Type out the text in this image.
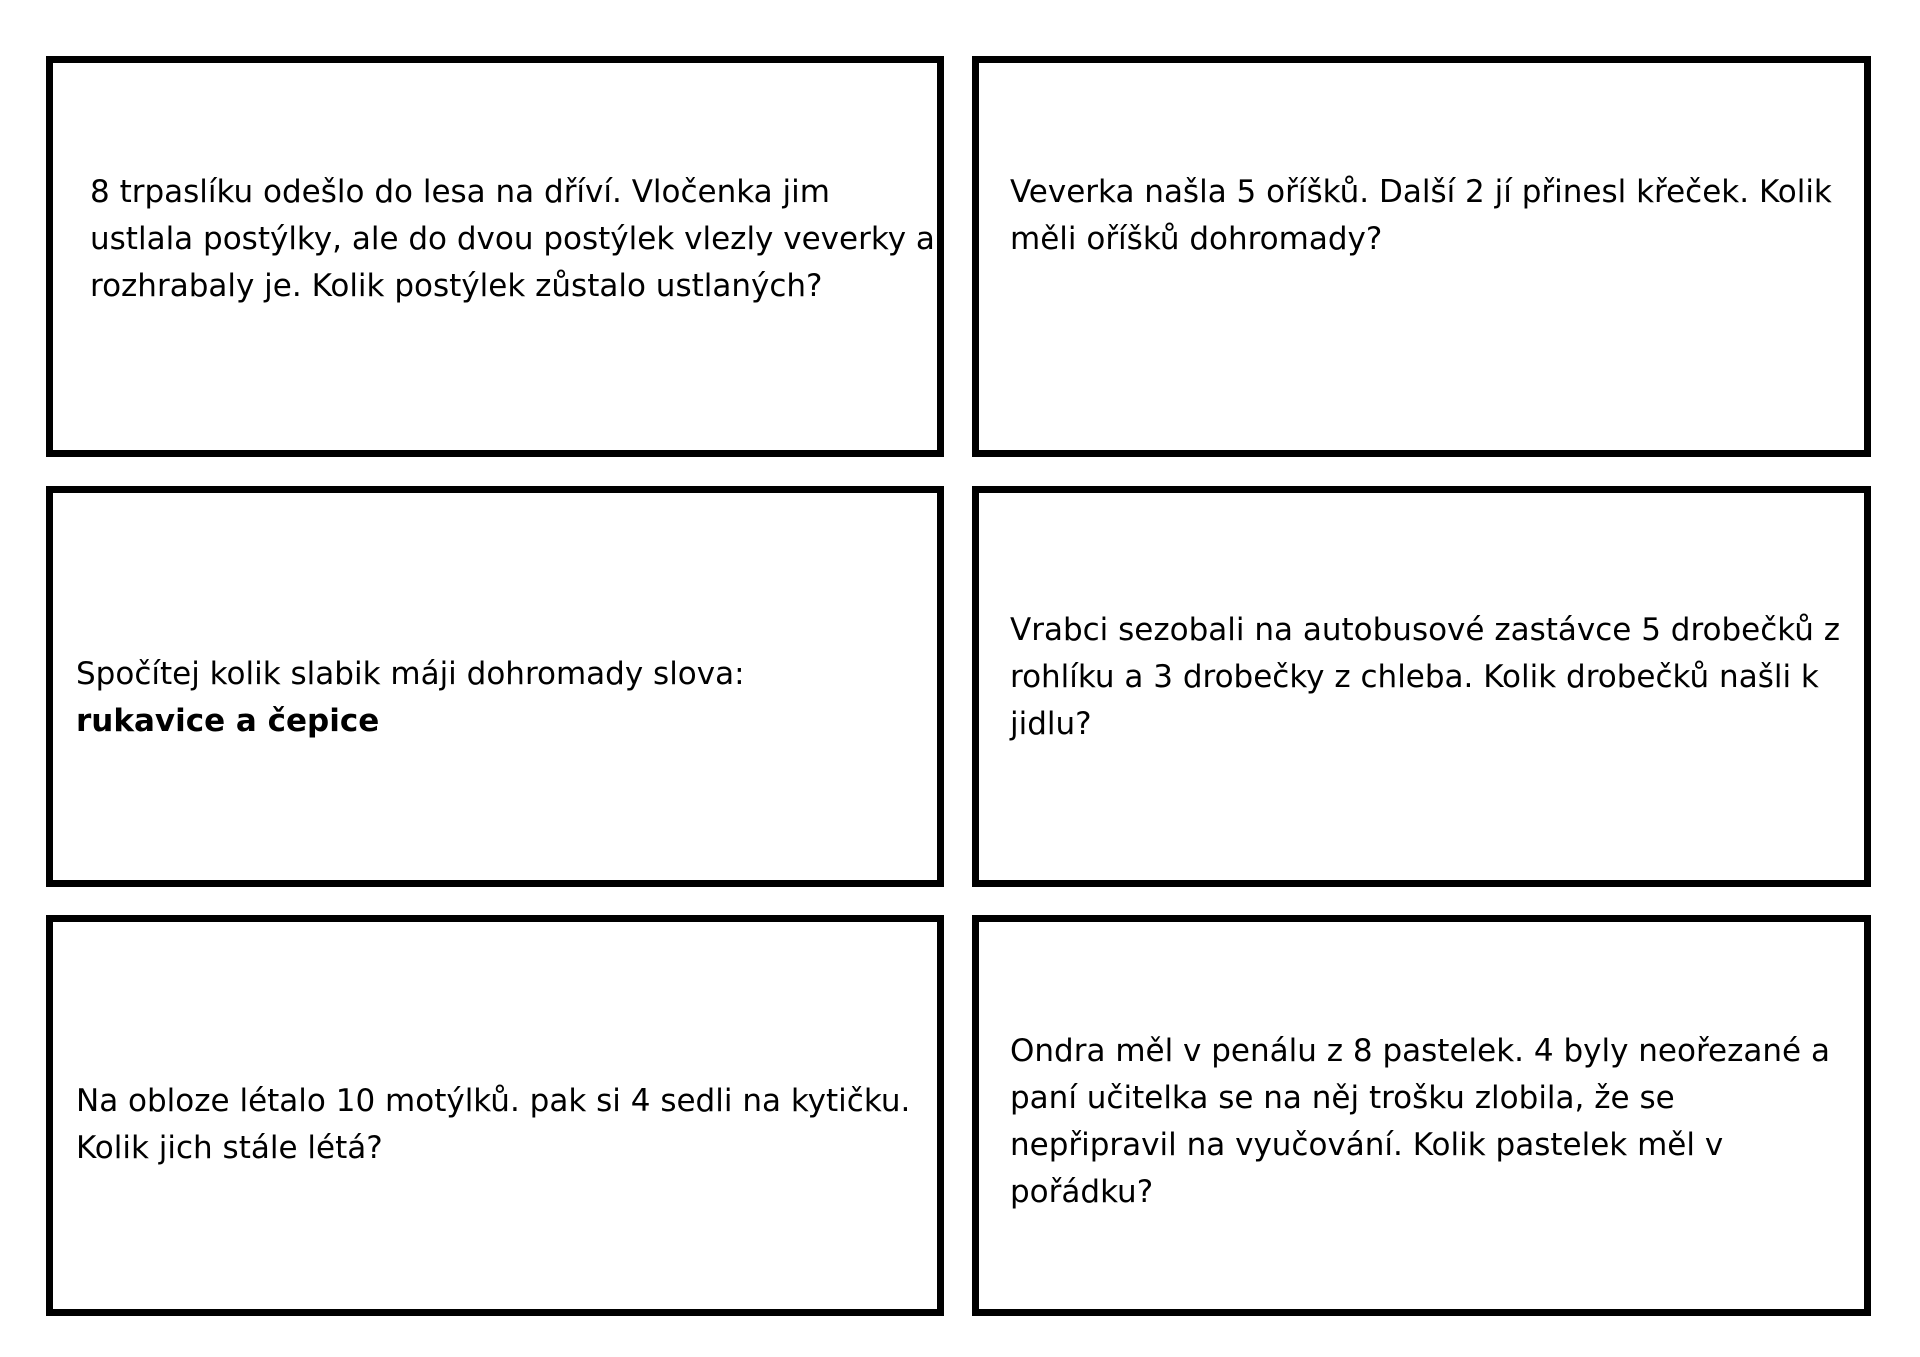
8 trpaslíku odešlo do lesa na dříví. Vločenka jim
ustlala postýlky, ale do dvou postýlek vlezly veverky a
rozhrabaly je. Kolik postýlek zůstalo ustlaných?
Veverka našla 5 oříšků. Další 2 jí přinesl křeček. Kolik
měli oříšků dohromady?
Spočítej kolik slabik máji dohromady slova:
rukavice a čepice
Vrabci sezobali na autobusové zastávce 5 drobečků z
rohlíku a 3 drobečky z chleba. Kolik drobečků našli k
jidlu?
Na obloze létalo 10 motýlků. pak si 4 sedli na kytičku.
Kolik jich stále létá?
Ondra měl v penálu z 8 pastelek. 4 byly neořezané a
paní učitelka se na něj trošku zlobila, že se
nepřipravil na vyučování. Kolik pastelek měl v
pořádku?
